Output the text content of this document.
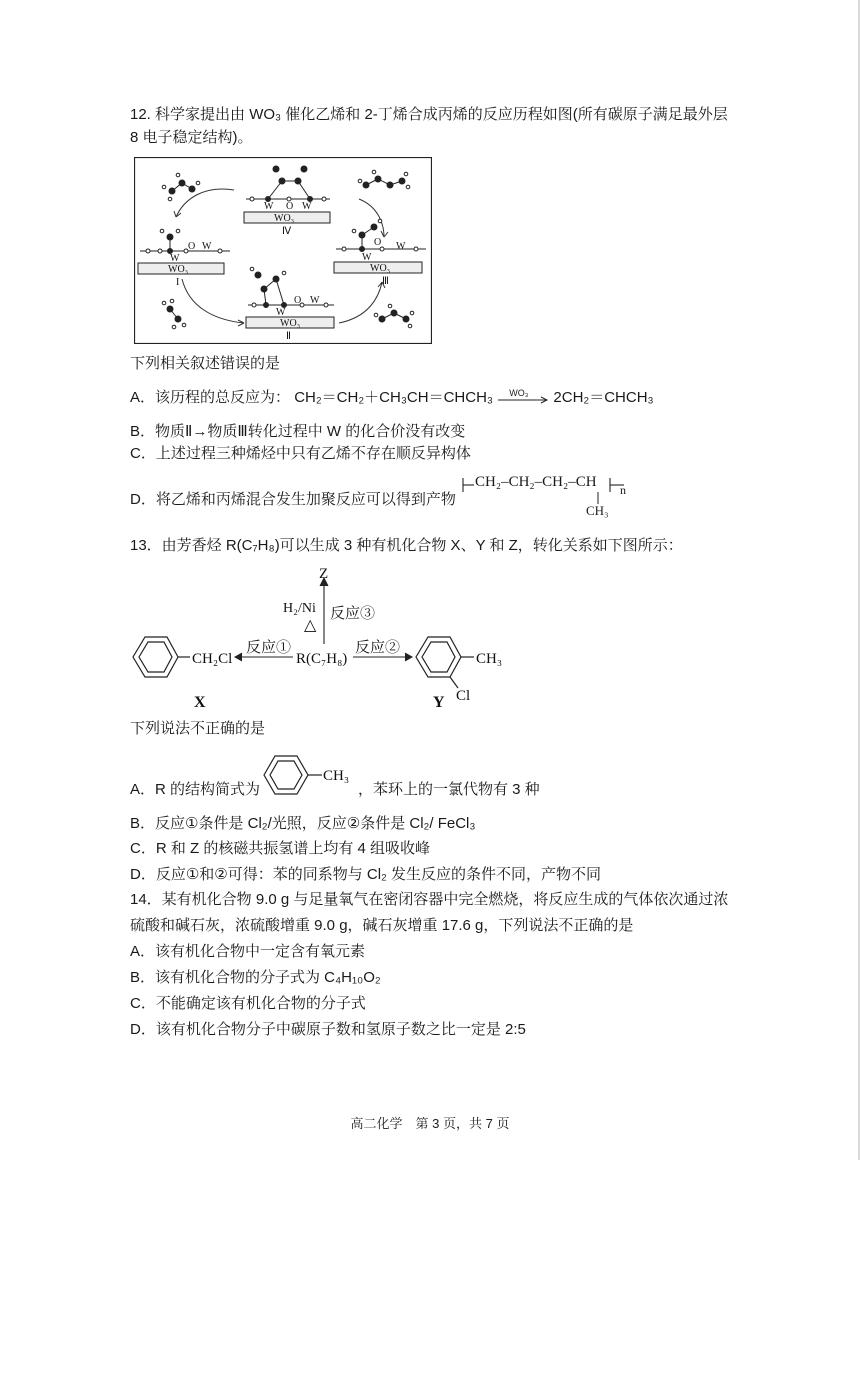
12. 科学家提出由 WO₃ 催化乙烯和 2-丁烯合成丙烯的反应历程如图(所有碳原子满足最外层
8 电子稳定结构)。
WO₃
W O W
Ⅳ
WO₃
W
O W
I
WO₃
W
O W
Ⅲ
WO₃
W
O W
Ⅱ
下列相关叙述错误的是
A．该历程的总反应为： CH₂＝CH₂＋CH₃CH＝CHCH₃ WO₃ 2CH₂＝CHCH₃
B．物质Ⅱ→物质Ⅲ转化过程中 W 的化合价没有改变
C．上述过程三种烯烃中只有乙烯不存在顺反异构体
D．将乙烯和丙烯混合发生加聚反应可以得到产物
CH₂–CH₂–CH₂–CH n
CH₃
13．由芳香烃 R(C₇H₈)可以生成 3 种有机化合物 X、Y 和 Z，转化关系如下图所示：
Z
H₂/Ni
△
CH₂Cl	R(C₇H₈)	CH₃
Cl
X	Y
反应③
反应①	反应②
下列说法不正确的是
A．R 的结构简式为
CH₃
，苯环上的一氯代物有 3 种
B．反应①条件是 Cl₂/光照，反应②条件是 Cl₂/ FeCl₃
C．R 和 Z 的核磁共振氢谱上均有 4 组吸收峰
D．反应①和②可得：苯的同系物与 Cl₂ 发生反应的条件不同，产物不同
14．某有机化合物 9.0 g 与足量氧气在密闭容器中完全燃烧，将反应生成的气体依次通过浓
硫酸和碱石灰，浓硫酸增重 9.0 g，碱石灰增重 17.6 g，下列说法不正确的是
A．该有机化合物中一定含有氧元素
B．该有机化合物的分子式为 C₄H₁₀O₂
C．不能确定该有机化合物的分子式
D．该有机化合物分子中碳原子数和氢原子数之比一定是 2:5
高二化学　第 3 页，共 7 页
